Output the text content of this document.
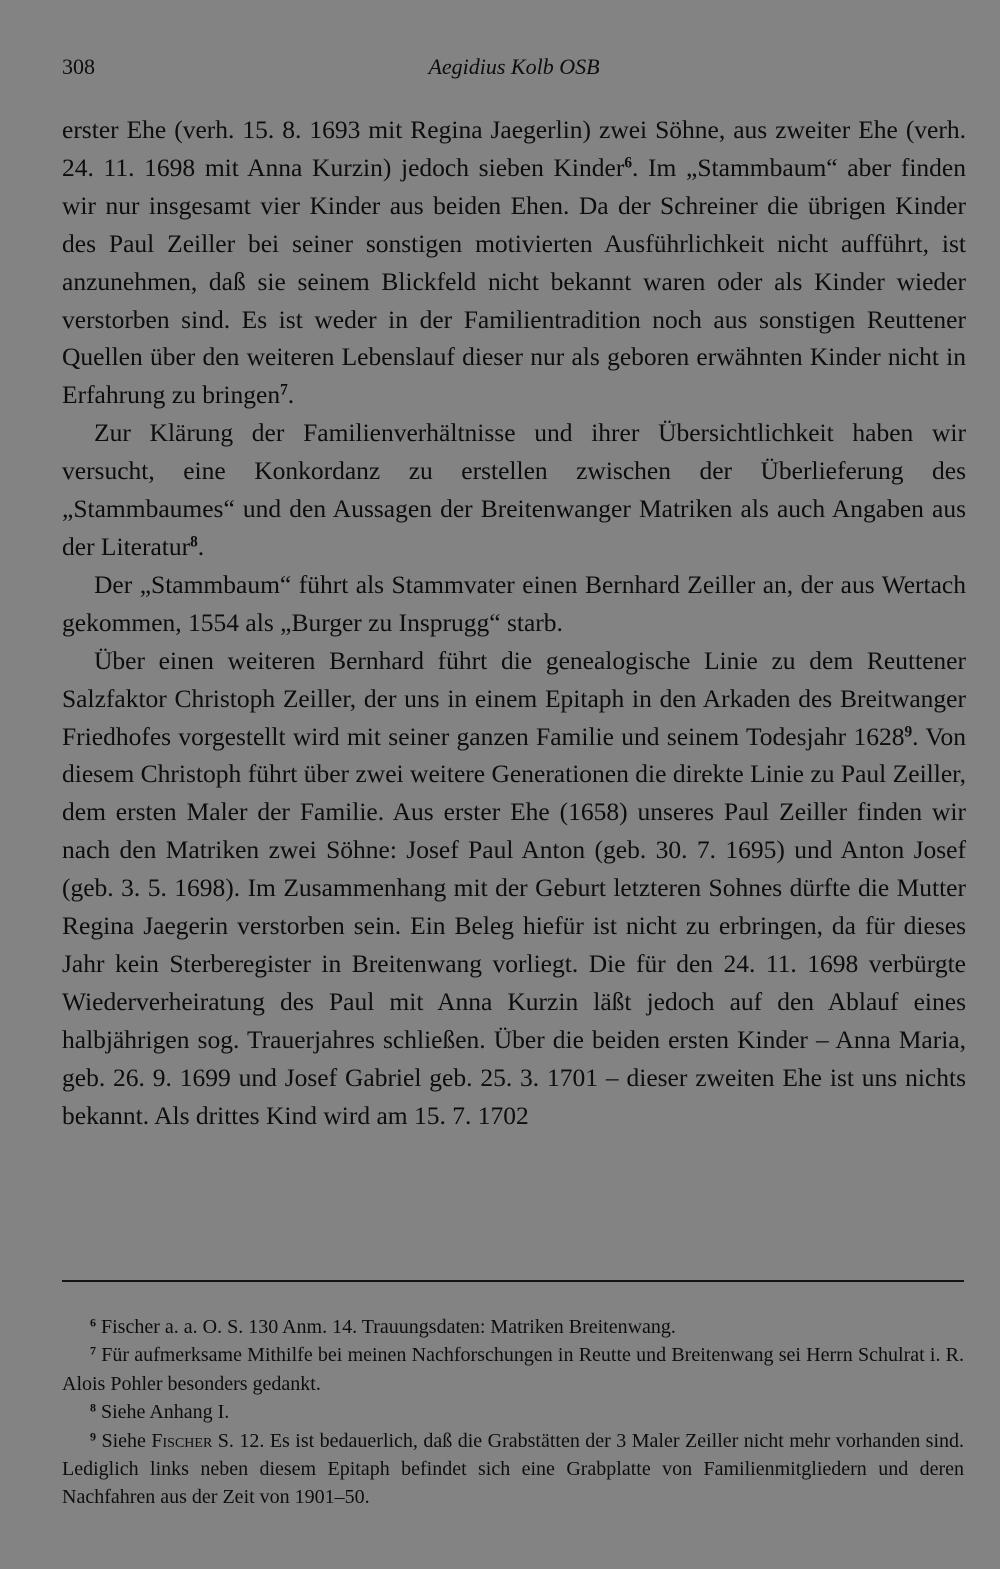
308	Aegidius Kolb OSB

erster Ehe (verh. 15. 8. 1693 mit Regina Jaegerlin) zwei Söhne, aus zweiter Ehe (verh. 24. 11. 1698 mit Anna Kurzin) jedoch sieben Kinder$^6$. Im „Stammbaum“ aber finden wir nur insgesamt vier Kinder aus beiden Ehen. Da der Schreiner die übrigen Kinder des Paul Zeiller bei seiner sonstigen motivierten Ausführlichkeit nicht aufführt, ist anzunehmen, daß sie seinem Blickfeld nicht bekannt waren oder als Kinder wieder verstorben sind. Es ist weder in der Familientradition noch aus sonstigen Reuttener Quellen über den weiteren Lebenslauf dieser nur als geboren erwähnten Kinder nicht in Erfahrung zu bringen$^7$.

Zur Klärung der Familienverhältnisse und ihrer Übersichtlichkeit haben wir versucht, eine Konkordanz zu erstellen zwischen der Überlieferung des „Stammbaumes“ und den Aussagen der Breitenwanger Matriken als auch Angaben aus der Literatur$^8$.

Der „Stammbaum“ führt als Stammvater einen Bernhard Zeiller an, der aus Wertach gekommen, 1554 als „Burger zu Insprugg“ starb.

Über einen weiteren Bernhard führt die genealogische Linie zu dem Reuttener Salzfaktor Christoph Zeiller, der uns in einem Epitaph in den Arkaden des Breitwanger Friedhofes vorgestellt wird mit seiner ganzen Familie und seinem Todesjahr 1628$^9$. Von diesem Christoph führt über zwei weitere Generationen die direkte Linie zu Paul Zeiller, dem ersten Maler der Familie. Aus erster Ehe (1658) unseres Paul Zeiller finden wir nach den Matriken zwei Söhne: Josef Paul Anton (geb. 30. 7. 1695) und Anton Josef (geb. 3. 5. 1698). Im Zusammenhang mit der Geburt letzteren Sohnes dürfte die Mutter Regina Jaegerin verstorben sein. Ein Beleg hiefür ist nicht zu erbringen, da für dieses Jahr kein Sterberegister in Breitenwang vorliegt. Die für den 24. 11. 1698 verbürgte Wiederverheiratung des Paul mit Anna Kurzin läßt jedoch auf den Ablauf eines halbjährigen sog. Trauerjahres schließen. Über die beiden ersten Kinder – Anna Maria, geb. 26. 9. 1699 und Josef Gabriel geb. 25. 3. 1701 – dieser zweiten Ehe ist uns nichts bekannt. Als drittes Kind wird am 15. 7. 1702

$^6$ Fischer a. a. O. S. 130 Anm. 14. Trauungsdaten: Matriken Breitenwang.

$^7$ Für aufmerksame Mithilfe bei meinen Nachforschungen in Reutte und Breitenwang sei Herrn Schulrat i. R. Alois Pohler besonders gedankt.

$^8$ Siehe Anhang I.

$^9$ Siehe Fischer S. 12. Es ist bedauerlich, daß die Grabstätten der 3 Maler Zeiller nicht mehr vorhanden sind. Lediglich links neben diesem Epitaph befindet sich eine Grabplatte von Familienmitgliedern und deren Nachfahren aus der Zeit von 1901–50.
